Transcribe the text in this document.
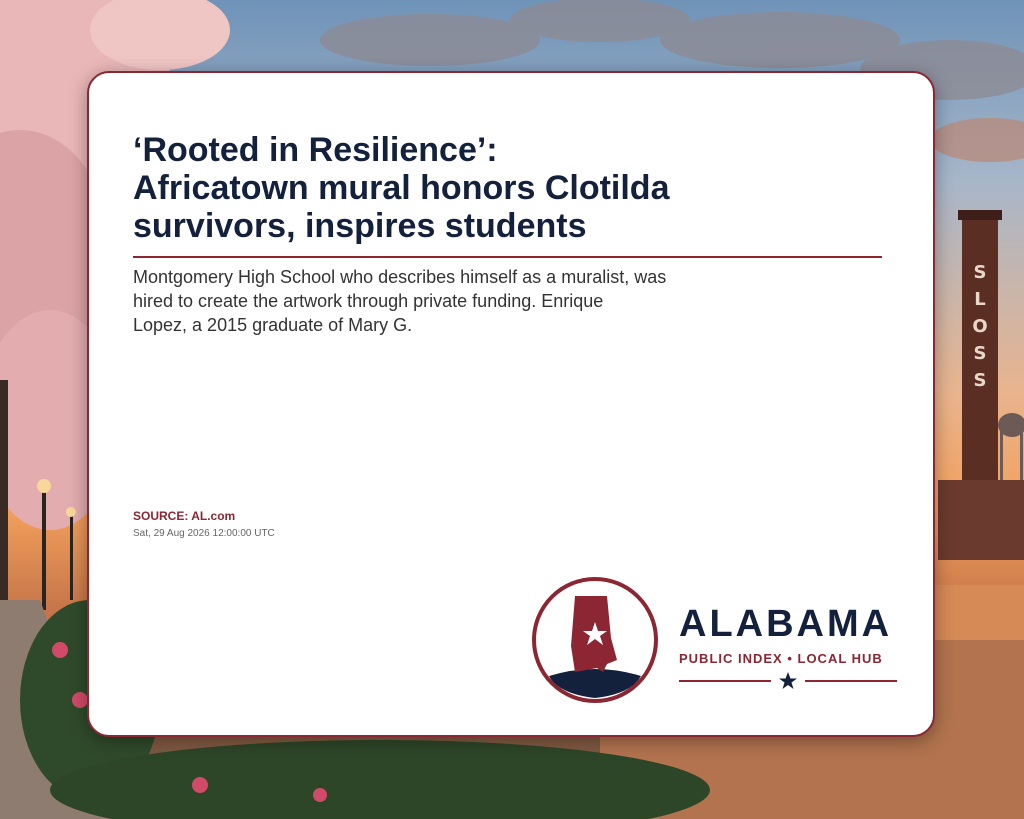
S
L
O
S
S
‘Rooted in Resilience’:
Africatown mural honors Clotilda
survivors, inspires students

Montgomery High School who describes himself as a muralist, was
hired to create the artwork through private funding. Enrique
Lopez, a 2015 graduate of Mary G.

SOURCE: AL.com
Sat, 29 Aug 2026 12:00:00 UTC
ALABAMA
PUBLIC INDEX • LOCAL HUB
